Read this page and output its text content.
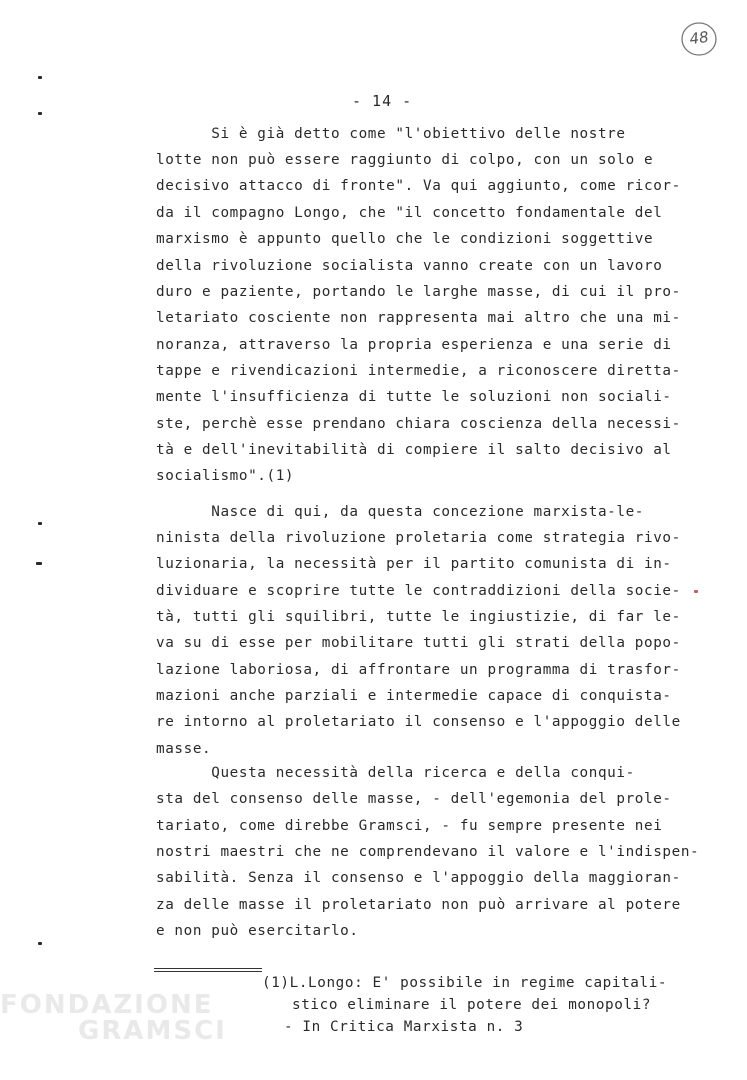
FONDAZIONE
GRAMSCI
48
- 14 -
Si è già detto come "l'obiettivo delle nostre
lotte non può essere raggiunto di colpo, con un solo e
decisivo attacco di fronte". Va qui aggiunto, come ricor-
da il compagno Longo, che "il concetto fondamentale del
marxismo è appunto quello che le condizioni soggettive
della rivoluzione socialista vanno create con un lavoro
duro e paziente, portando le larghe masse, di cui il pro-
letariato cosciente non rappresenta mai altro che una mi-
noranza, attraverso la propria esperienza e una serie di
tappe e rivendicazioni intermedie, a riconoscere diretta-
mente l'insufficienza di tutte le soluzioni non sociali-
ste, perchè esse prendano chiara coscienza della necessi-
tà e dell'inevitabilità di compiere il salto decisivo al
socialismo".(1)
Nasce di qui, da questa concezione marxista-le-
ninista della rivoluzione proletaria come strategia rivo-
luzionaria, la necessità per il partito comunista di in-
dividuare e scoprire tutte le contraddizioni della socie-
tà, tutti gli squilibri, tutte le ingiustizie, di far le-
va su di esse per mobilitare tutti gli strati della popo-
lazione laboriosa, di affrontare un programma di trasfor-
mazioni anche parziali e intermedie capace di conquista-
re intorno al proletariato il consenso e l'appoggio delle
masse.
Questa necessità della ricerca e della conqui-
sta del consenso delle masse, - dell'egemonia del prole-
tariato, come direbbe Gramsci, - fu sempre presente nei
nostri maestri che ne comprendevano il valore e l'indispen-
sabilità. Senza il consenso e l'appoggio della maggioran-
za delle masse il proletariato non può arrivare al potere
e non può esercitarlo.
(1)L.Longo: E' possibile in regime capitali-
stico eliminare il potere dei monopoli?
- In Critica Marxista n. 3
